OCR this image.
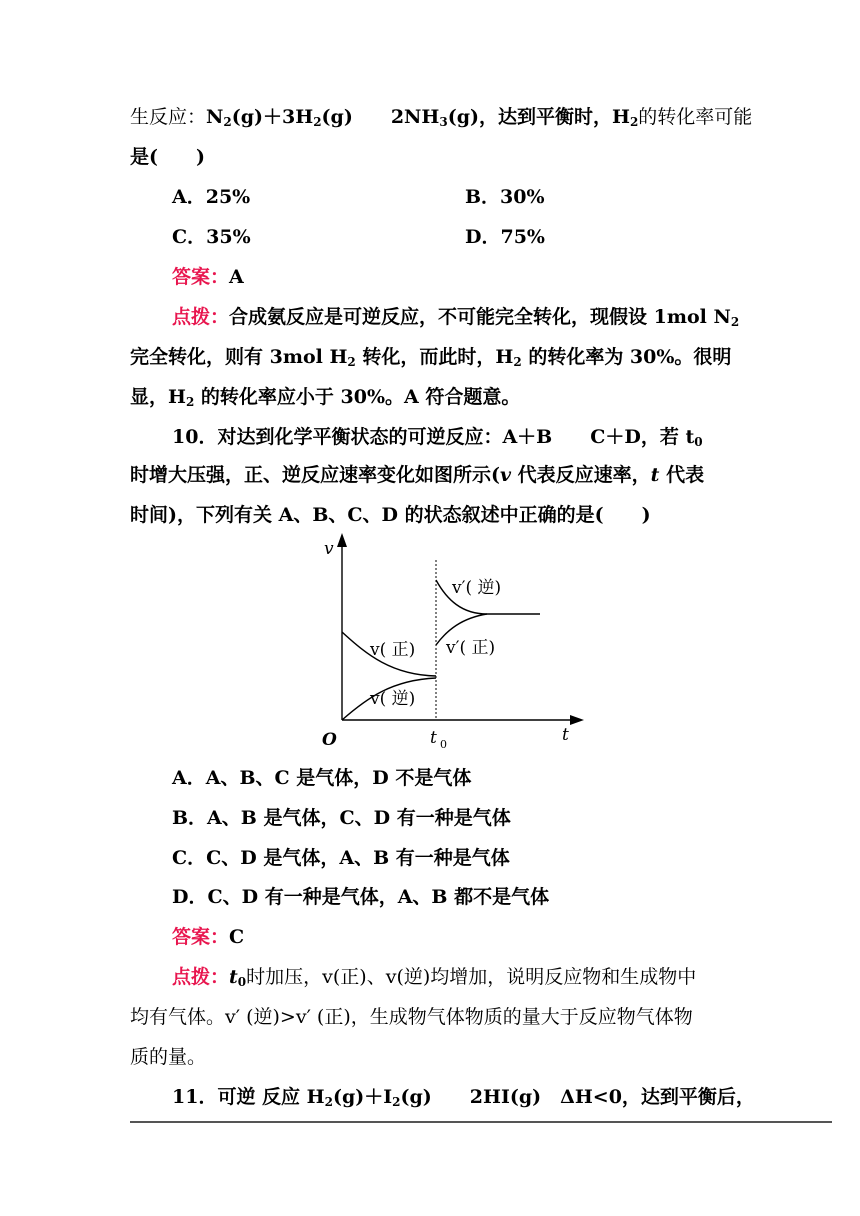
生反应：$N_2(g)+3H_2(g)$ $2NH_3(g)$，达到平衡时，$H_2$的转化率可能
是(　　)
A．25%	B．30%
C．35%	D．75%
答案：A
点拨：合成氨反应是可逆反应，不可能完全转化，现假设 1mol $N_2$
完全转化，则有 3mol $H_2$ 转化，而此时，$H_2$ 的转化率为 30%。很明
显，$H_2$ 的转化率应小于 30%。A 符合题意。
10．对达到化学平衡状态的可逆反应：A＋B C＋D，若 $t_0$
时增大压强，正、逆反应速率变化如图所示(v 代表反应速率，t 代表
时间)，下列有关 A、B、C、D 的状态叙述中正确的是(　　)
v
t
O	t 0
v′( 逆)
v′( 正)
v( 正)
v( 逆)
A．A、B、C 是气体，D 不是气体
B．A、B 是气体，C、D 有一种是气体
C．C、D 是气体，A、B 有一种是气体
D．C、D 有一种是气体，A、B 都不是气体
答案：C
点拨：$t_0$时加压，v(正)、v(逆)均增加，说明反应物和生成物中
均有气体。v′ (逆)>v′ (正)，生成物气体物质的量大于反应物气体物
质的量。
11．可逆 反应 $H_2(g)+I_2(g)$ 2HI(g)　ΔH<0，达到平衡后，
